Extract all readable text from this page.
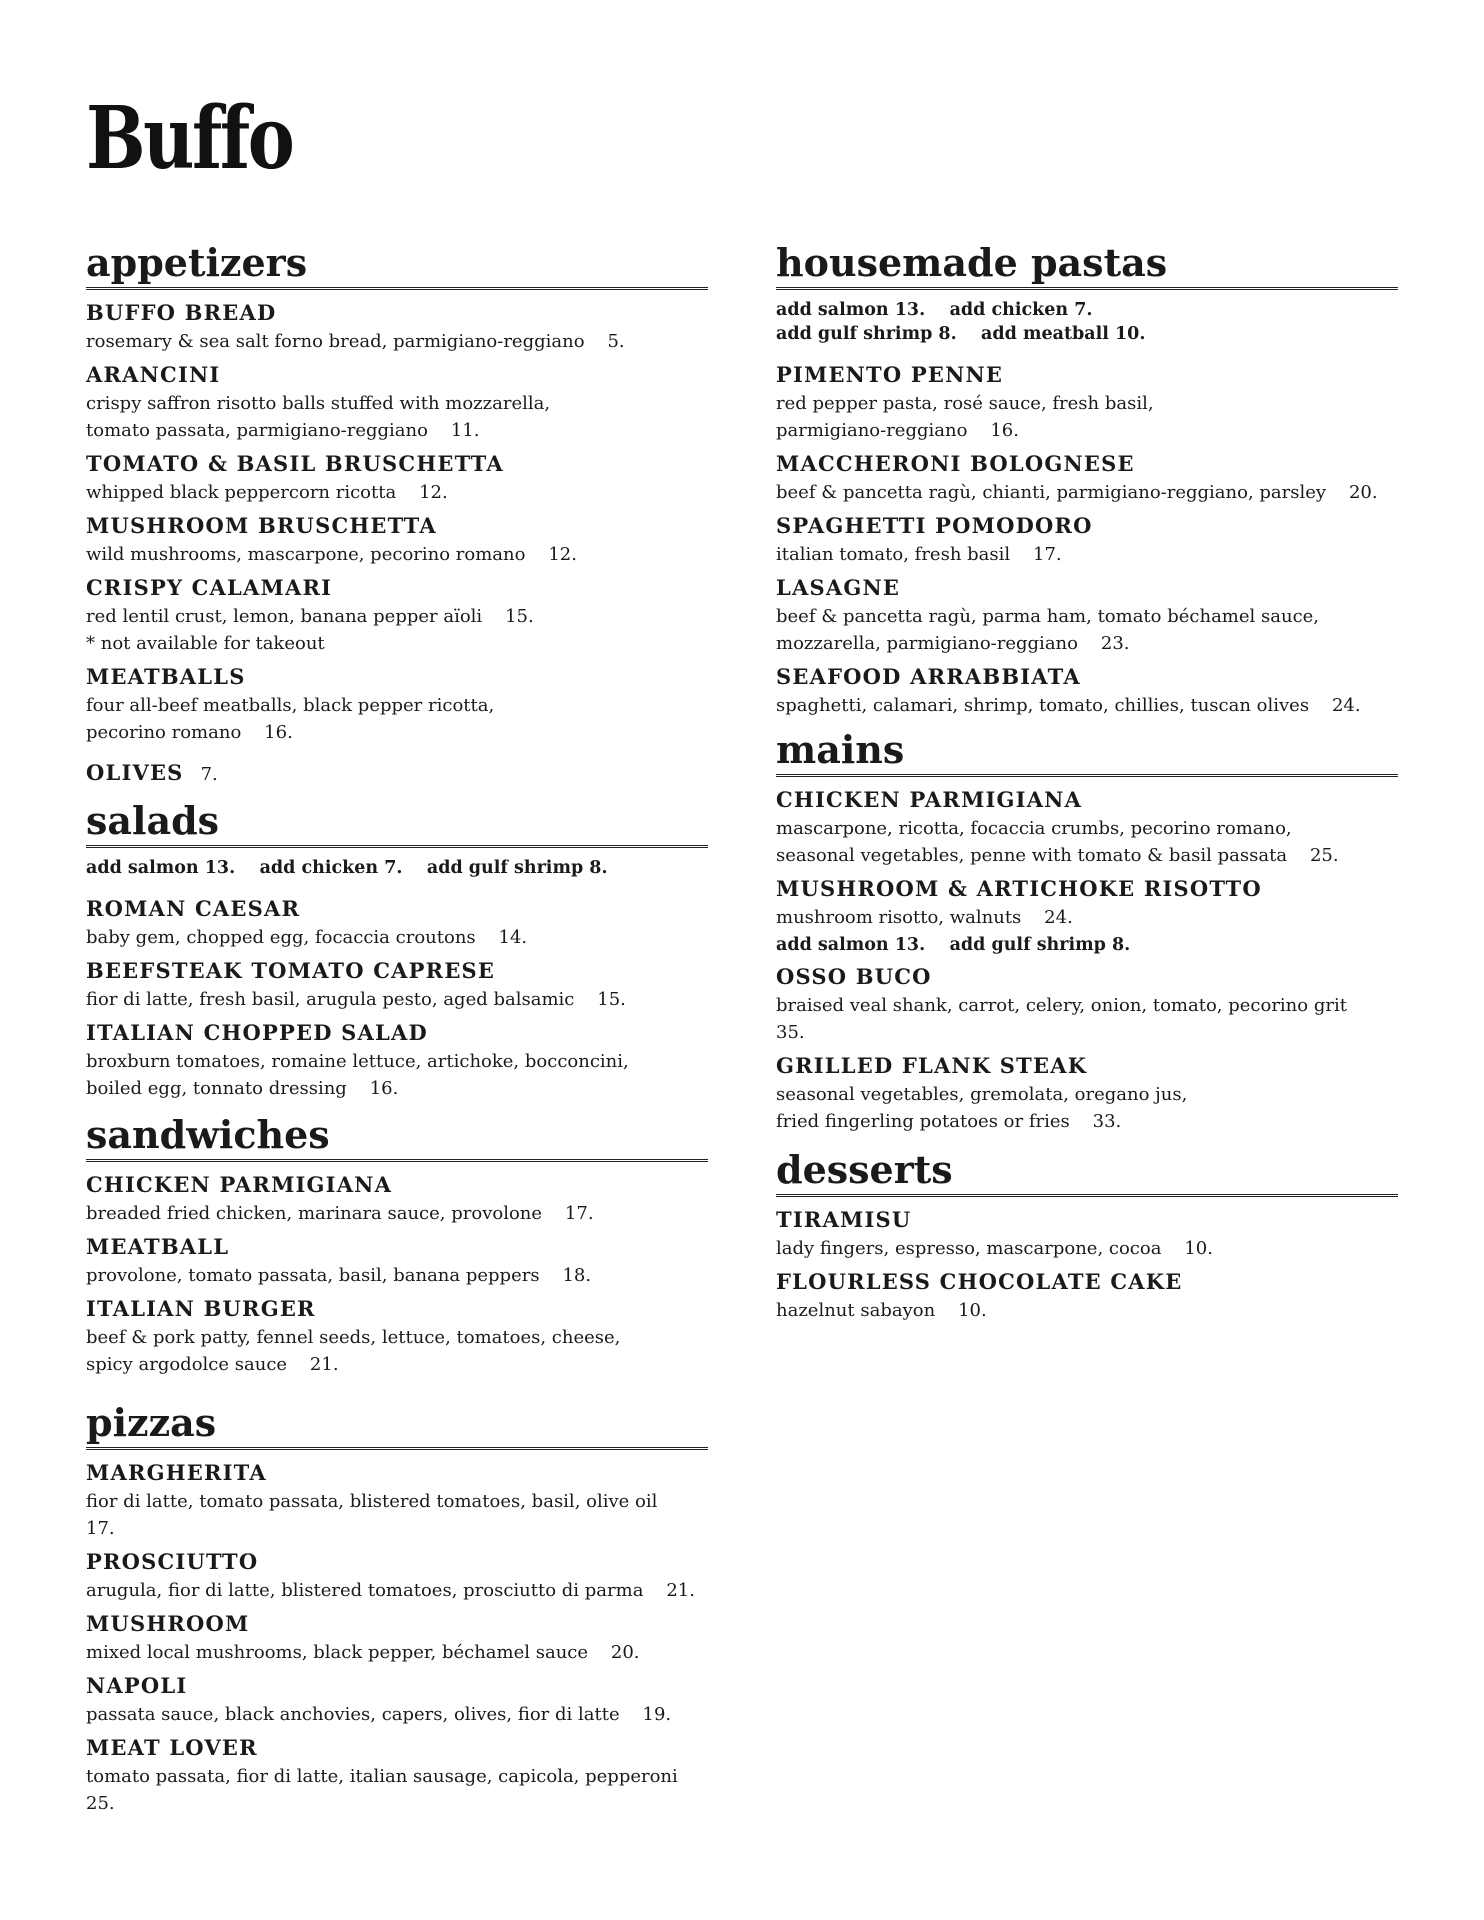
Buffo
appetizers
BUFFO BREAD
rosemary & sea salt forno bread, parmigiano-reggiano    5.
ARANCINI
crispy saffron risotto balls stuffed with mozzarella,
tomato passata, parmigiano-reggiano    11.
TOMATO & BASIL BRUSCHETTA
whipped black peppercorn ricotta    12.
MUSHROOM BRUSCHETTA
wild mushrooms, mascarpone, pecorino romano    12.
CRISPY CALAMARI
red lentil crust, lemon, banana pepper aïoli    15.
* not available for takeout
MEATBALLS
four all-beef meatballs, black pepper ricotta,
pecorino romano    16.
OLIVES 7.
salads
add salmon 13.    add chicken 7.    add gulf shrimp 8.
ROMAN CAESAR
baby gem, chopped egg, focaccia croutons    14.
BEEFSTEAK TOMATO CAPRESE
fior di latte, fresh basil, arugula pesto, aged balsamic    15.
ITALIAN CHOPPED SALAD
broxburn tomatoes, romaine lettuce, artichoke, bocconcini,
boiled egg, tonnato dressing    16.
sandwiches
CHICKEN PARMIGIANA
breaded fried chicken, marinara sauce, provolone    17.
MEATBALL
provolone, tomato passata, basil, banana peppers    18.
ITALIAN BURGER
beef & pork patty, fennel seeds, lettuce, tomatoes, cheese,
spicy argodolce sauce    21.
pizzas
MARGHERITA
fior di latte, tomato passata, blistered tomatoes, basil, olive oil    17.
PROSCIUTTO
arugula, fior di latte, blistered tomatoes, prosciutto di parma    21.
MUSHROOM
mixed local mushrooms, black pepper, béchamel sauce    20.
NAPOLI
passata sauce, black anchovies, capers, olives, fior di latte    19.
MEAT LOVER
tomato passata, fior di latte, italian sausage, capicola, pepperoni    25.
housemade pastas
add salmon 13.    add chicken 7.
add gulf shrimp 8.    add meatball 10.
PIMENTO PENNE
red pepper pasta, rosé sauce, fresh basil,
parmigiano-reggiano    16.
MACCHERONI BOLOGNESE
beef & pancetta ragù, chianti, parmigiano-reggiano, parsley    20.
SPAGHETTI POMODORO
italian tomato, fresh basil    17.
LASAGNE
beef & pancetta ragù, parma ham, tomato béchamel sauce,
mozzarella, parmigiano-reggiano    23.
SEAFOOD ARRABBIATA
spaghetti, calamari, shrimp, tomato, chillies, tuscan olives    24.
mains
CHICKEN PARMIGIANA
mascarpone, ricotta, focaccia crumbs, pecorino romano,
seasonal vegetables, penne with tomato & basil passata    25.
MUSHROOM & ARTICHOKE RISOTTO
mushroom risotto, walnuts    24.
add salmon 13.    add gulf shrimp 8.
OSSO BUCO
braised veal shank, carrot, celery, onion, tomato, pecorino grit    35.
GRILLED FLANK STEAK
seasonal vegetables, gremolata, oregano jus,
fried fingerling potatoes or fries    33.
desserts
TIRAMISU
lady fingers, espresso, mascarpone, cocoa    10.
FLOURLESS CHOCOLATE CAKE
hazelnut sabayon    10.
